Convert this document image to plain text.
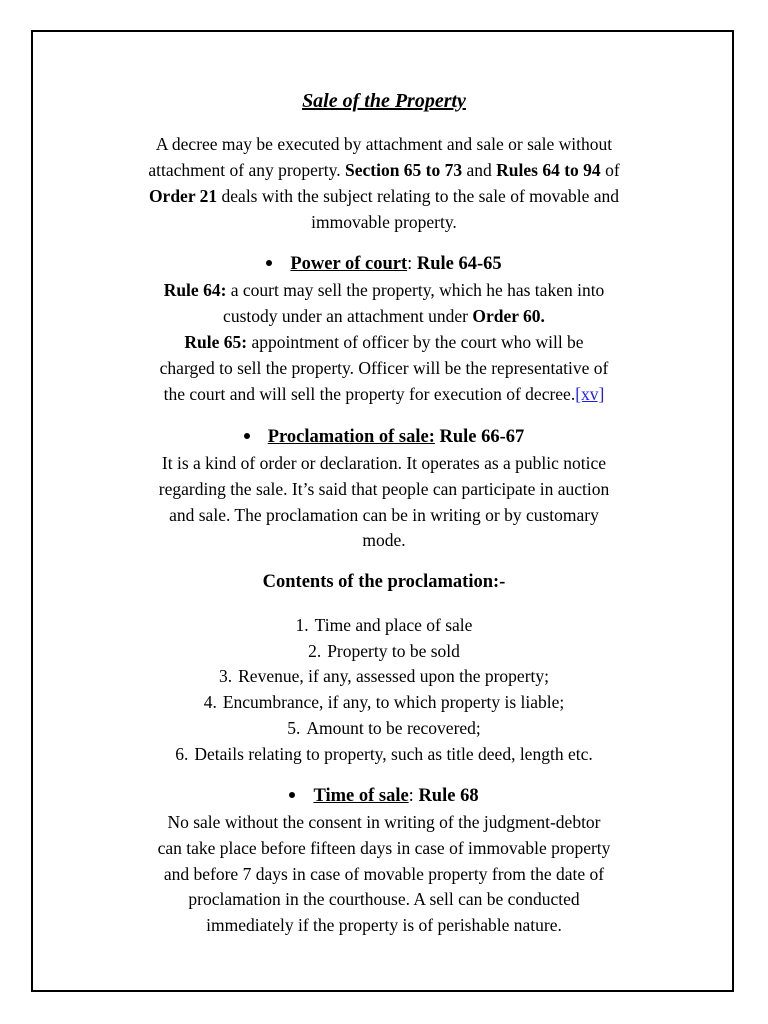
Sale of the Property
A decree may be executed by attachment and sale or sale without
attachment of any property. Section 65 to 73 and Rules 64 to 94 of
Order 21 deals with the subject relating to the sale of movable and
immovable property.
Power of court: Rule 64-65
Rule 64: a court may sell the property, which he has taken into
custody under an attachment under Order 60.
Rule 65: appointment of officer by the court who will be
charged to sell the property. Officer will be the representative of
the court and will sell the property for execution of decree.[xv]
Proclamation of sale: Rule 66-67
It is a kind of order or declaration. It operates as a public notice
regarding the sale. It’s said that people can participate in auction
and sale. The proclamation can be in writing or by customary
mode.
Contents of the proclamation:-
1. Time and place of sale
2. Property to be sold
3. Revenue, if any, assessed upon the property;
4. Encumbrance, if any, to which property is liable;
5. Amount to be recovered;
6. Details relating to property, such as title deed, length etc.
Time of sale: Rule 68
No sale without the consent in writing of the judgment-debtor
can take place before fifteen days in case of immovable property
and before 7 days in case of movable property from the date of
proclamation in the courthouse. A sell can be conducted
immediately if the property is of perishable nature.
